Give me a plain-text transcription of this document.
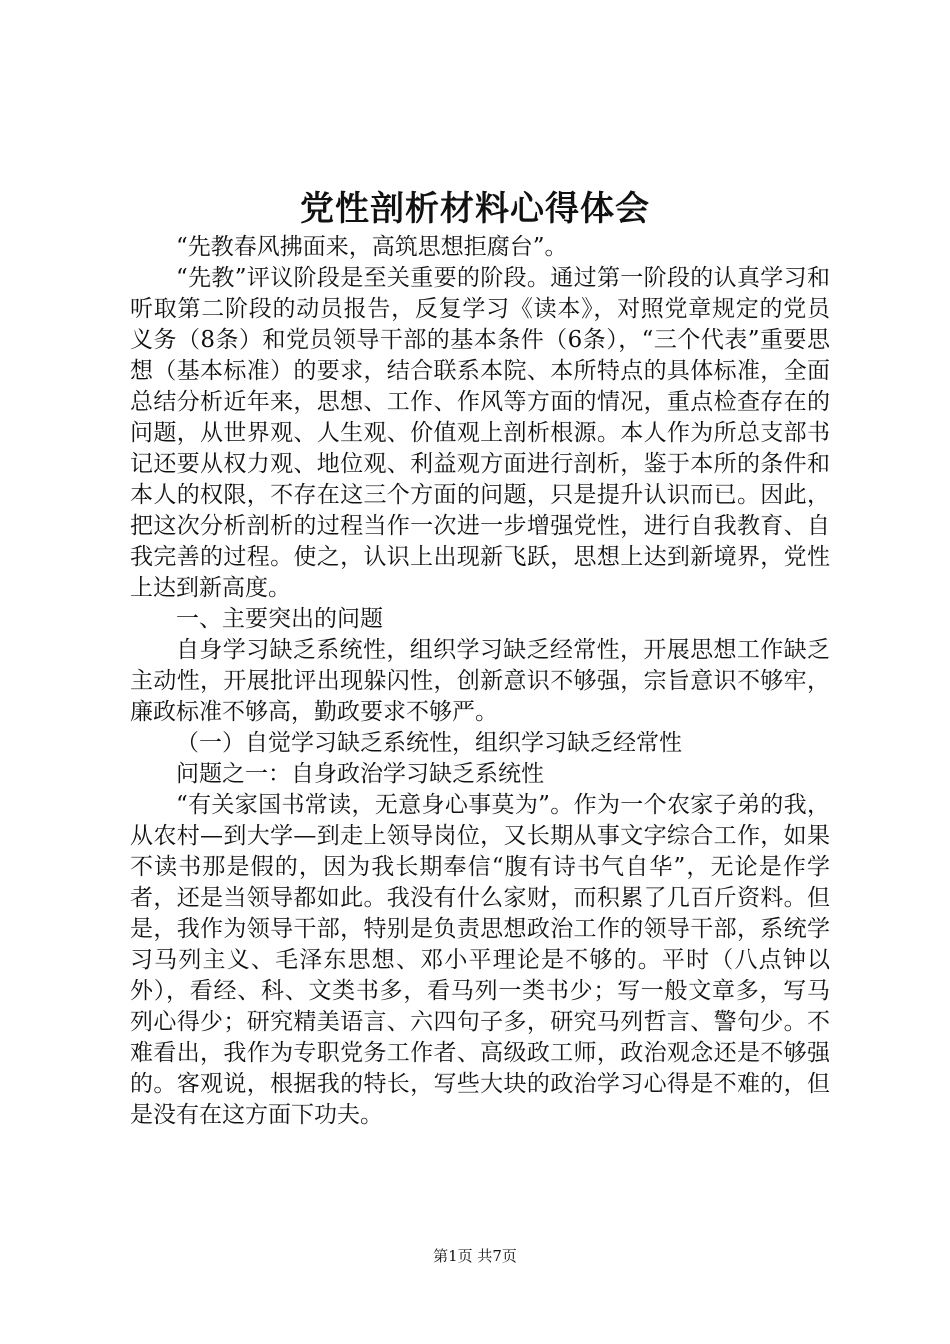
党性剖析材料心得体会

“先教春风拂面来，高筑思想拒腐台”。

“先教”评议阶段是至关重要的阶段。通过第一阶段的认真学习和听取第二阶段的动员报告，反复学习《读本》，对照党章规定的党员义务（8条）和党员领导干部的基本条件（6条），“三个代表”重要思想（基本标准）的要求，结合联系本院、本所特点的具体标准，全面总结分析近年来，思想、工作、作风等方面的情况，重点检查存在的问题，从世界观、人生观、价值观上剖析根源。本人作为所总支部书记还要从权力观、地位观、利益观方面进行剖析，鉴于本所的条件和本人的权限，不存在这三个方面的问题，只是提升认识而已。因此，把这次分析剖析的过程当作一次进一步增强党性，进行自我教育、自我完善的过程。使之，认识上出现新飞跃，思想上达到新境界，党性上达到新高度。

一、主要突出的问题

自身学习缺乏系统性，组织学习缺乏经常性，开展思想工作缺乏主动性，开展批评出现躲闪性，创新意识不够强，宗旨意识不够牢，廉政标准不够高，勤政要求不够严。

（一）自觉学习缺乏系统性，组织学习缺乏经常性

问题之一：自身政治学习缺乏系统性

“有关家国书常读，无意身心事莫为”。作为一个农家子弟的我，从农村—到大学—到走上领导岗位，又长期从事文字综合工作，如果不读书那是假的，因为我长期奉信“腹有诗书气自华”，无论是作学者，还是当领导都如此。我没有什么家财，而积累了几百斤资料。但是，我作为领导干部，特别是负责思想政治工作的领导干部，系统学习马列主义、毛泽东思想、邓小平理论是不够的。平时（八点钟以外），看经、科、文类书多，看马列一类书少；写一般文章多，写马列心得少；研究精美语言、六四句子多，研究马列哲言、警句少。不难看出，我作为专职党务工作者、高级政工师，政治观念还是不够强的。客观说，根据我的特长，写些大块的政治学习心得是不难的，但是没有在这方面下功夫。

第1页 共7页
